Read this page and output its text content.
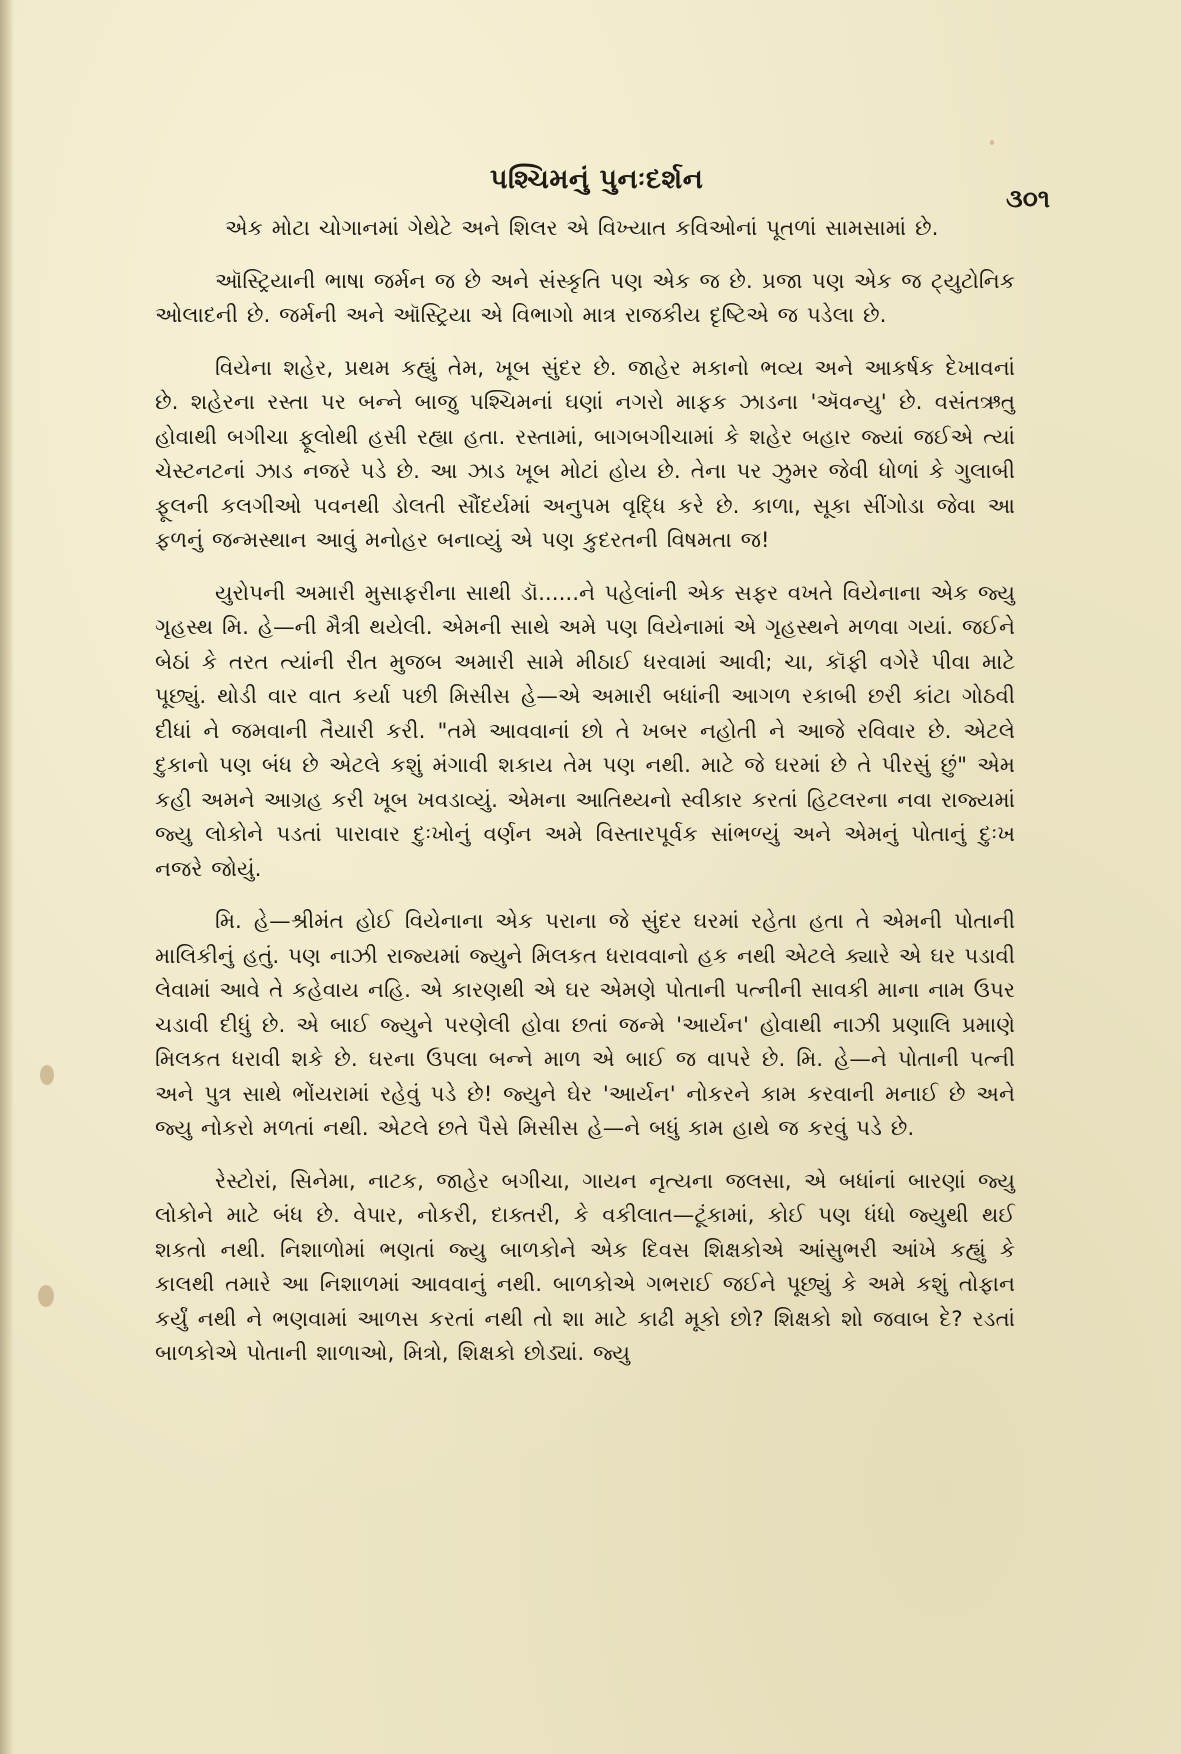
પશ્ચિમનું પુનઃદર્શન
૩૦૧

એક મોટા ચોગાનમાં ગેથેટે અને શિલર એ વિખ્યાત કવિઓનાં પૂતળાં સામસામાં છે.

ઑસ્ટ્રિયાની ભાષા જર્મન જ છે અને સંસ્કૃતિ પણ એક જ છે. પ્રજા પણ એક જ ટ્યુટોનિક ઓલાદની છે. જર્મની અને ઑસ્ટ્રિયા એ વિભાગો માત્ર રાજકીય દૃષ્ટિએ જ પડેલા છે.

વિયેના શહેર, પ્રથમ કહ્યું તેમ, ખૂબ સુંદર છે. જાહેર મકાનો ભવ્ય અને આકર્ષક દેખાવનાં છે. શહેરના રસ્તા પર બન્ને બાજુ પશ્ચિમનાં ઘણાં નગરો માફક ઝાડના 'ઍવન્યુ' છે. વસંતઋતુ હોવાથી બગીચા ફૂલોથી હસી રહ્યા હતા. રસ્તામાં, બાગબગીચામાં કે શહેર બહાર જ્યાં જઈએ ત્યાં ચેસ્ટનટનાં ઝાડ નજરે પડે છે. આ ઝાડ ખૂબ મોટાં હોય છે. તેના પર ઝુમર જેવી ધોળાં કે ગુલાબી ફૂલની કલગીઓ પવનથી ડોલતી સૌંદર્યમાં અનુપમ વૃદ્ધિ કરે છે. કાળા, સૂકા સીંગોડા જેવા આ ફળનું જન્મસ્થાન આવું મનોહર બનાવ્યું એ પણ કુદરતની વિષમતા જ!

યુરોપની અમારી મુસાફરીના સાથી ડૉ......ને પહેલાંની એક સફર વખતે વિયેનાના એક જ્યુ ગૃહસ્થ મિ. હે—ની મૈત્રી થયેલી. એમની સાથે અમે પણ વિયેનામાં એ ગૃહસ્થને મળવા ગયાં. જઈને બેઠાં કે તરત ત્યાંની રીત મુજબ અમારી સામે મીઠાઈ ધરવામાં આવી; ચા, કૉફી વગેરે પીવા માટે પૂછ્યું. થોડી વાર વાત કર્યા પછી મિસીસ હે—એ અમારી બધાંની આગળ રકાબી છરી કાંટા ગોઠવી દીધાં ને જમવાની તૈયારી કરી. "તમે આવવાનાં છો તે ખબર નહોતી ને આજે રવિવાર છે. એટલે દુકાનો પણ બંધ છે એટલે કશું મંગાવી શકાય તેમ પણ નથી. માટે જે ઘરમાં છે તે પીરસું છું" એમ કહી અમને આગ્રહ કરી ખૂબ ખવડાવ્યું. એમના આતિથ્યનો સ્વીકાર કરતાં હિટલરના નવા રાજ્યમાં જ્યુ લોકોને પડતાં પારાવાર દુઃખોનું વર્ણન અમે વિસ્તારપૂર્વક સાંભળ્યું અને એમનું પોતાનું દુઃખ નજરે જોયું.

મિ. હે—શ્રીમંત હોઈ વિયેનાના એક પરાના જે સુંદર ઘરમાં રહેતા હતા તે એમની પોતાની માલિકીનું હતું. પણ નાઝી રાજ્યમાં જ્યુને મિલકત ધરાવવાનો હક નથી એટલે ક્યારે એ ઘર પડાવી લેવામાં આવે તે કહેવાય નહિ. એ કારણથી એ ઘર એમણે પોતાની પત્નીની સાવકી માના નામ ઉપર ચડાવી દીધું છે. એ બાઈ જ્યુને પરણેલી હોવા છતાં જન્મે 'આર્યન' હોવાથી નાઝી પ્રણાલિ પ્રમાણે મિલકત ધરાવી શકે છે. ઘરના ઉપલા બન્ને માળ એ બાઈ જ વાપરે છે. મિ. હે—ને પોતાની પત્ની અને પુત્ર સાથે ભોંયરામાં રહેવું પડે છે! જ્યુને ઘેર 'આર્યન' નોકરને કામ કરવાની મનાઈ છે અને જ્યુ નોકરો મળતાં નથી. એટલે છતે પૈસે મિસીસ હે—ને બધું કામ હાથે જ કરવું પડે છે.

રેસ્ટોરાં, સિનેમા, નાટક, જાહેર બગીચા, ગાયન નૃત્યના જલસા, એ બધાંનાં બારણાં જ્યુ લોકોને માટે બંધ છે. વેપાર, નોકરી, દાક્તરી, કે વકીલાત—ટૂંકામાં, કોઈ પણ ધંધો જ્યુથી થઈ શકતો નથી. નિશાળોમાં ભણતાં જ્યુ બાળકોને એક દિવસ શિક્ષકોએ આંસુભરી આંખે કહ્યું કે કાલથી તમારે આ નિશાળમાં આવવાનું નથી. બાળકોએ ગભરાઈ જઈને પૂછ્યું કે અમે કશું તોફાન કર્યું નથી ને ભણવામાં આળસ કરતાં નથી તો શા માટે કાઢી મૂકો છો? શિક્ષકો શો જવાબ દે? રડતાં બાળકોએ પોતાની શાળાઓ, મિત્રો, શિક્ષકો છોડ્યાં. જ્યુ
